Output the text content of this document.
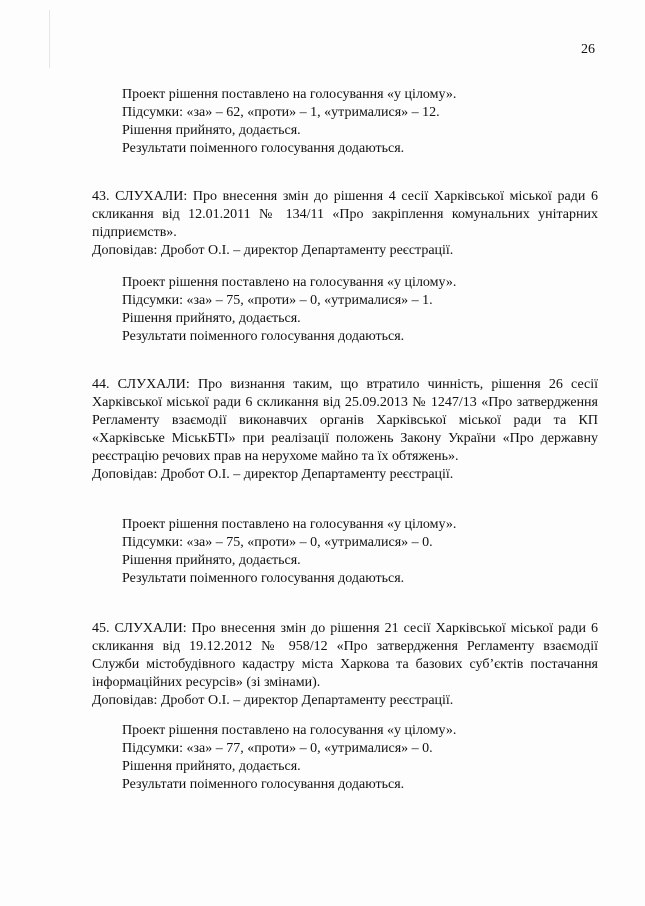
26
Проект рішення поставлено на голосування «у цілому».
Підсумки: «за» – 62, «проти» – 1, «утрималися» – 12.
Рішення прийнято, додається.
Результати поіменного голосування додаються.
43. СЛУХАЛИ: Про внесення змін до рішення 4 сесії Харківської міської ради 6 скликання від 12.01.2011 № 134/11 «Про закріплення комунальних унітарних підприємств».
Доповідав: Дробот О.І. – директор Департаменту реєстрації.
Проект рішення поставлено на голосування «у цілому».
Підсумки: «за» – 75, «проти» – 0, «утрималися» – 1.
Рішення прийнято, додається.
Результати поіменного голосування додаються.
44. СЛУХАЛИ: Про визнання таким, що втратило чинність, рішення 26 сесії Харківської міської ради 6 скликання від 25.09.2013 № 1247/13 «Про затвердження Регламенту взаємодії виконавчих органів Харківської міської ради та КП «Харківське МіськБТІ» при реалізації положень Закону України «Про державну реєстрацію речових прав на нерухоме майно та їх обтяжень».
Доповідав: Дробот О.І. – директор Департаменту реєстрації.
Проект рішення поставлено на голосування «у цілому».
Підсумки: «за» – 75, «проти» – 0, «утрималися» – 0.
Рішення прийнято, додається.
Результати поіменного голосування додаються.
45. СЛУХАЛИ: Про внесення змін до рішення 21 сесії Харківської міської ради 6 скликання від 19.12.2012 № 958/12 «Про затвердження Регламенту взаємодії Служби містобудівного кадастру міста Харкова та базових суб’єктів постачання інформаційних ресурсів» (зі змінами).
Доповідав: Дробот О.І. – директор Департаменту реєстрації.
Проект рішення поставлено на голосування «у цілому».
Підсумки: «за» – 77, «проти» – 0, «утрималися» – 0.
Рішення прийнято, додається.
Результати поіменного голосування додаються.
